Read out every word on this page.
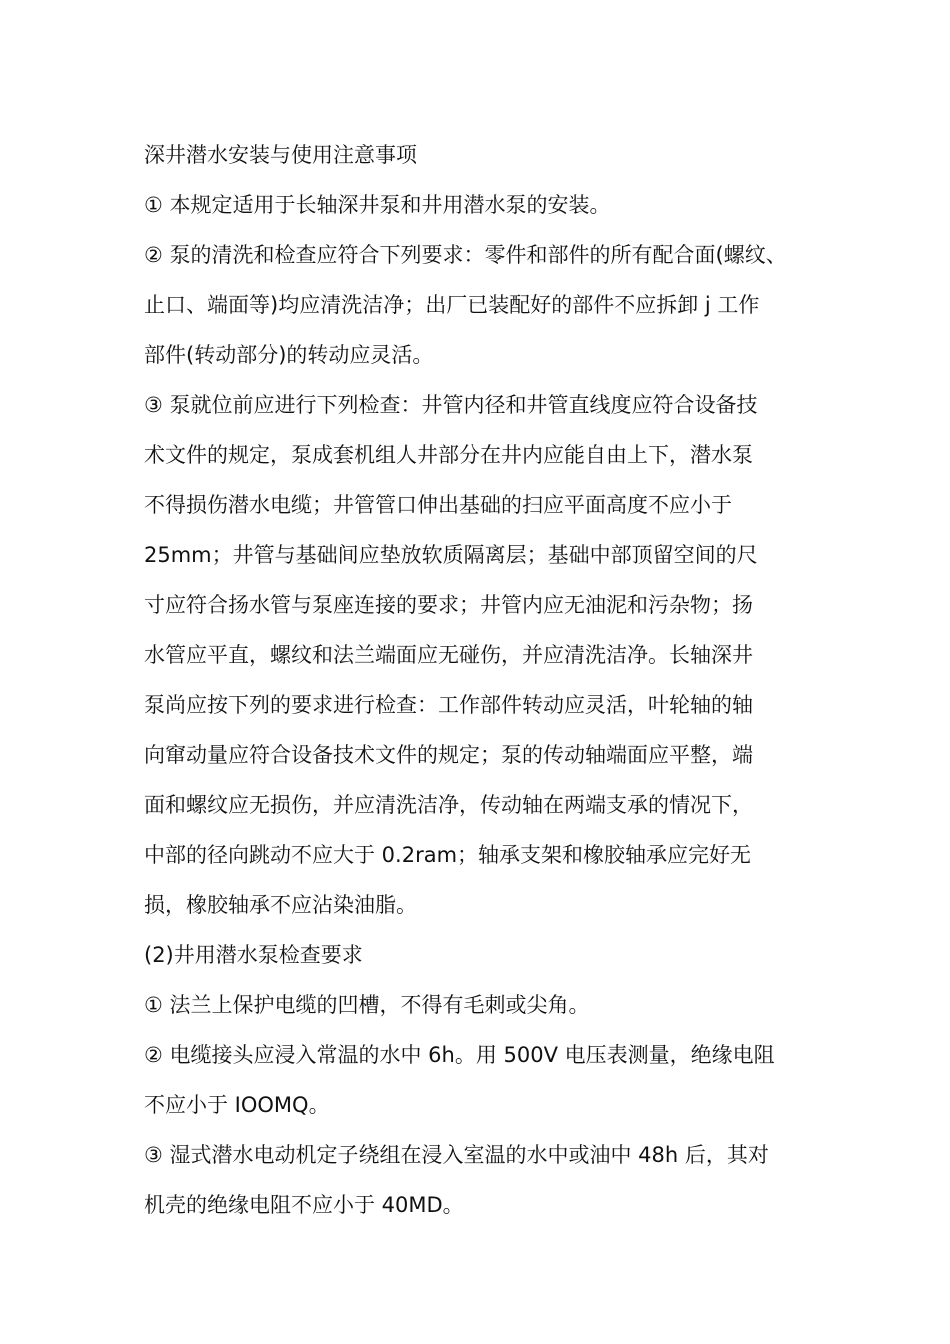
深井潜水安装与使用注意事项
① 本规定适用于长轴深井泵和井用潜水泵的安装。
② 泵的清洗和检查应符合下列要求：零件和部件的所有配合面(螺纹、
止口、端面等)均应清洗洁净；出厂已装配好的部件不应拆卸 j 工作
部件(转动部分)的转动应灵活。
③ 泵就位前应进行下列检查：井管内径和井管直线度应符合设备技
术文件的规定，泵成套机组人井部分在井内应能自由上下，潜水泵
不得损伤潜水电缆；井管管口伸出基础的扫应平面高度不应小于
25mm；井管与基础间应垫放软质隔离层；基础中部顶留空间的尺
寸应符合扬水管与泵座连接的要求；井管内应无油泥和污杂物；扬
水管应平直，螺纹和法兰端面应无碰伤，并应清洗洁净。长轴深井
泵尚应按下列的要求进行检查：工作部件转动应灵活，叶轮轴的轴
向窜动量应符合设备技术文件的规定；泵的传动轴端面应平整，端
面和螺纹应无损伤，并应清洗洁净，传动轴在两端支承的情况下，
中部的径向跳动不应大于 0.2ram；轴承支架和橡胶轴承应完好无
损，橡胶轴承不应沾染油脂。
(2)井用潜水泵检查要求
① 法兰上保护电缆的凹槽，不得有毛刺或尖角。
② 电缆接头应浸入常温的水中 6h。用 500V 电压表测量，绝缘电阻
不应小于 IOOMQ。
③ 湿式潜水电动机定子绕组在浸入室温的水中或油中 48h 后，其对
机壳的绝缘电阻不应小于 40MD。
